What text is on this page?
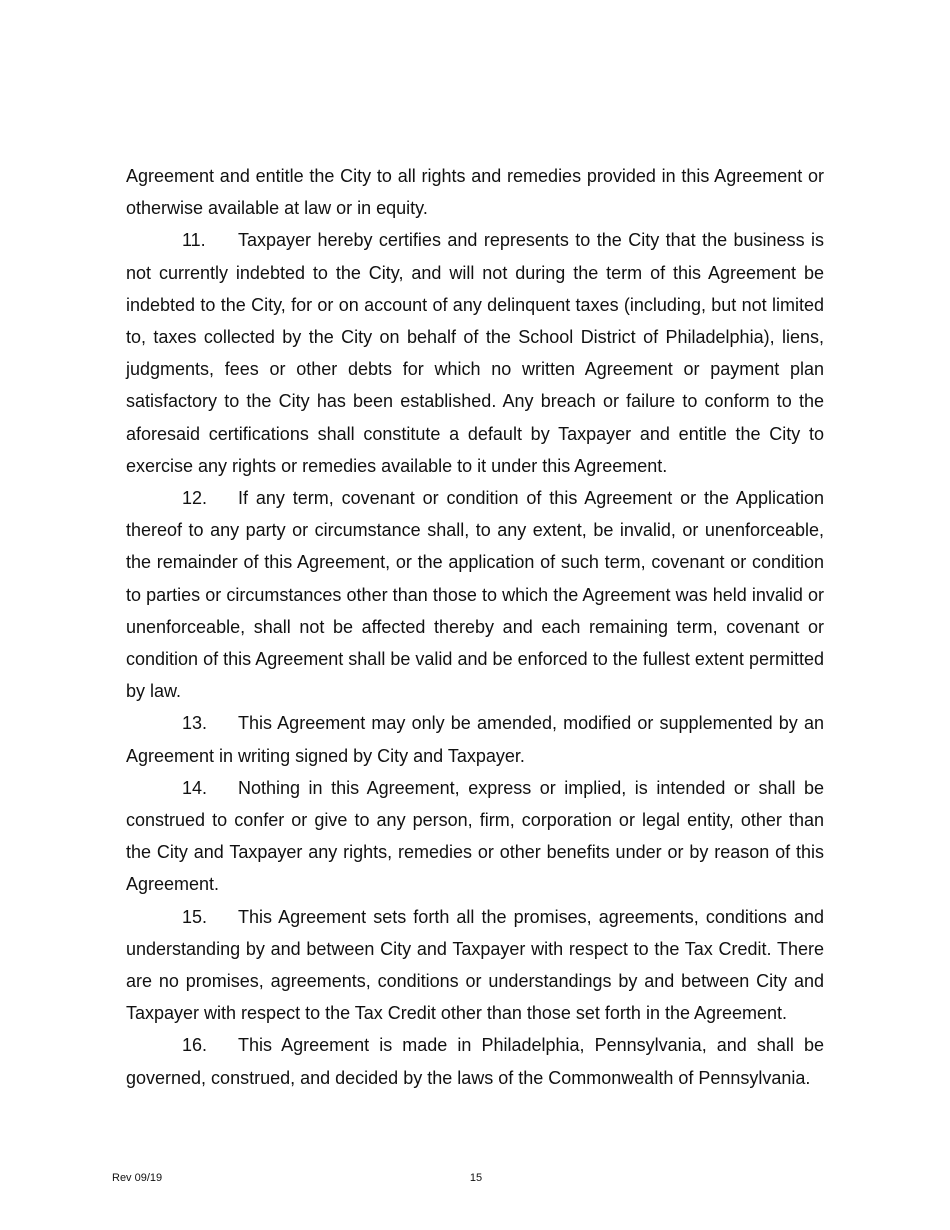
Agreement and entitle the City to all rights and remedies provided in this Agreement or otherwise available at law or in equity.

11. Taxpayer hereby certifies and represents to the City that the business is not currently indebted to the City, and will not during the term of this Agreement be indebted to the City, for or on account of any delinquent taxes (including, but not limited to, taxes collected by the City on behalf of the School District of Philadelphia), liens, judgments, fees or other debts for which no written Agreement or payment plan satisfactory to the City has been established. Any breach or failure to conform to the aforesaid certifications shall constitute a default by Taxpayer and entitle the City to exercise any rights or remedies available to it under this Agreement.

12. If any term, covenant or condition of this Agreement or the Application thereof to any party or circumstance shall, to any extent, be invalid, or unenforceable, the remainder of this Agreement, or the application of such term, covenant or condition to parties or circumstances other than those to which the Agreement was held invalid or unenforceable, shall not be affected thereby and each remaining term, covenant or condition of this Agreement shall be valid and be enforced to the fullest extent permitted by law.

13. This Agreement may only be amended, modified or supplemented by an Agreement in writing signed by City and Taxpayer.

14. Nothing in this Agreement, express or implied, is intended or shall be construed to confer or give to any person, firm, corporation or legal entity, other than the City and Taxpayer any rights, remedies or other benefits under or by reason of this Agreement.

15. This Agreement sets forth all the promises, agreements, conditions and understanding by and between City and Taxpayer with respect to the Tax Credit. There are no promises, agreements, conditions or understandings by and between City and Taxpayer with respect to the Tax Credit other than those set forth in the Agreement.

16. This Agreement is made in Philadelphia, Pennsylvania, and shall be governed, construed, and decided by the laws of the Commonwealth of Pennsylvania.

Rev 09/19	15
